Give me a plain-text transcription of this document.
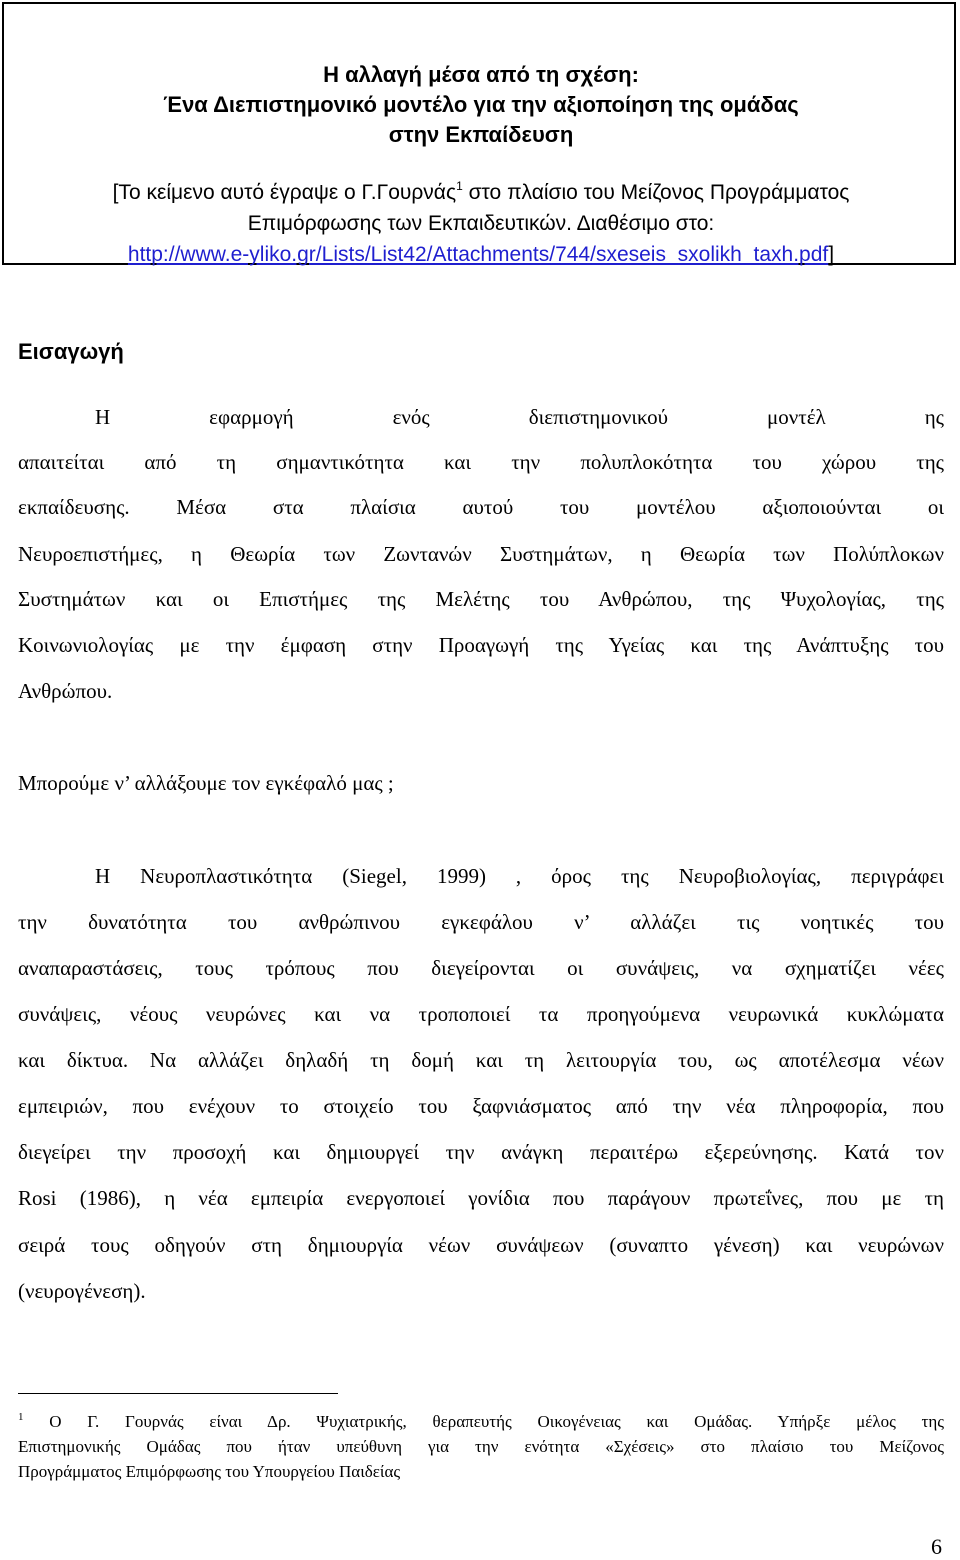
Η αλλαγή μέσα από τη σχέση:
Ένα Διεπιστημονικό μοντέλο για την αξιοποίηση της ομάδας
στην Εκπαίδευση
[Το κείμενο αυτό έγραψε ο Γ.Γουρνάς$^1$ στο πλαίσιο του Μείζονος Προγράμματος
Επιμόρφωσης των Εκπαιδευτικών. Διαθέσιμο στο:
http://www.e-yliko.gr/Lists/List42/Attachments/744/sxeseis_sxolikh_taxh.pdf]
Εισαγωγή
Η εφαρμογή ενός διεπιστημονικού μοντέλ ης
απαιτείται από τη σημαντικότητα και την πολυπλοκότητα του χώρου της
εκπαίδευσης. Μέσα στα πλαίσια αυτού του μοντέλου αξιοποιούνται οι
Νευροεπιστήμες, η Θεωρία των Ζωντανών Συστημάτων, η Θεωρία των Πολύπλοκων
Συστημάτων και οι Επιστήμες της Μελέτης του Ανθρώπου, της Ψυχολογίας, της
Κοινωνιολογίας με την έμφαση στην Προαγωγή της Υγείας και της Ανάπτυξης του
Ανθρώπου.
Μπορούμε ν’ αλλάξουμε τον εγκέφαλό μας ;
Η Νευροπλαστικότητα (Siegel, 1999) , όρος της Νευροβιολογίας, περιγράφει
την δυνατότητα του ανθρώπινου εγκεφάλου ν’ αλλάζει τις νοητικές του
αναπαραστάσεις, τους τρόπους που διεγείρονται οι συνάψεις, να σχηματίζει νέες
συνάψεις, νέους νευρώνες και να τροποποιεί τα προηγούμενα νευρωνικά κυκλώματα
και δίκτυα. Να αλλάζει δηλαδή τη δομή και τη λειτουργία του, ως αποτέλεσμα νέων
εμπειριών, που ενέχουν το στοιχείο του ξαφνιάσματος από την νέα πληροφορία, που
διεγείρει την προσοχή και δημιουργεί την ανάγκη περαιτέρω εξερεύνησης. Κατά τον
Rosi (1986), η νέα εμπειρία ενεργοποιεί γονίδια που παράγουν πρωτεΐνες, που με τη
σειρά τους οδηγούν στη δημιουργία νέων συνάψεων (συναπτο γένεση) και νευρώνων
(νευρογένεση).
$^1$ Ο Γ. Γουρνάς είναι Δρ. Ψυχιατρικής, θεραπευτής Οικογένειας και Ομάδας. Υπήρξε μέλος της
Επιστημονικής Ομάδας που ήταν υπεύθυνη για την ενότητα «Σχέσεις» στο πλαίσιο του Μείζονος
Προγράμματος Επιμόρφωσης του Υπουργείου Παιδείας
6
